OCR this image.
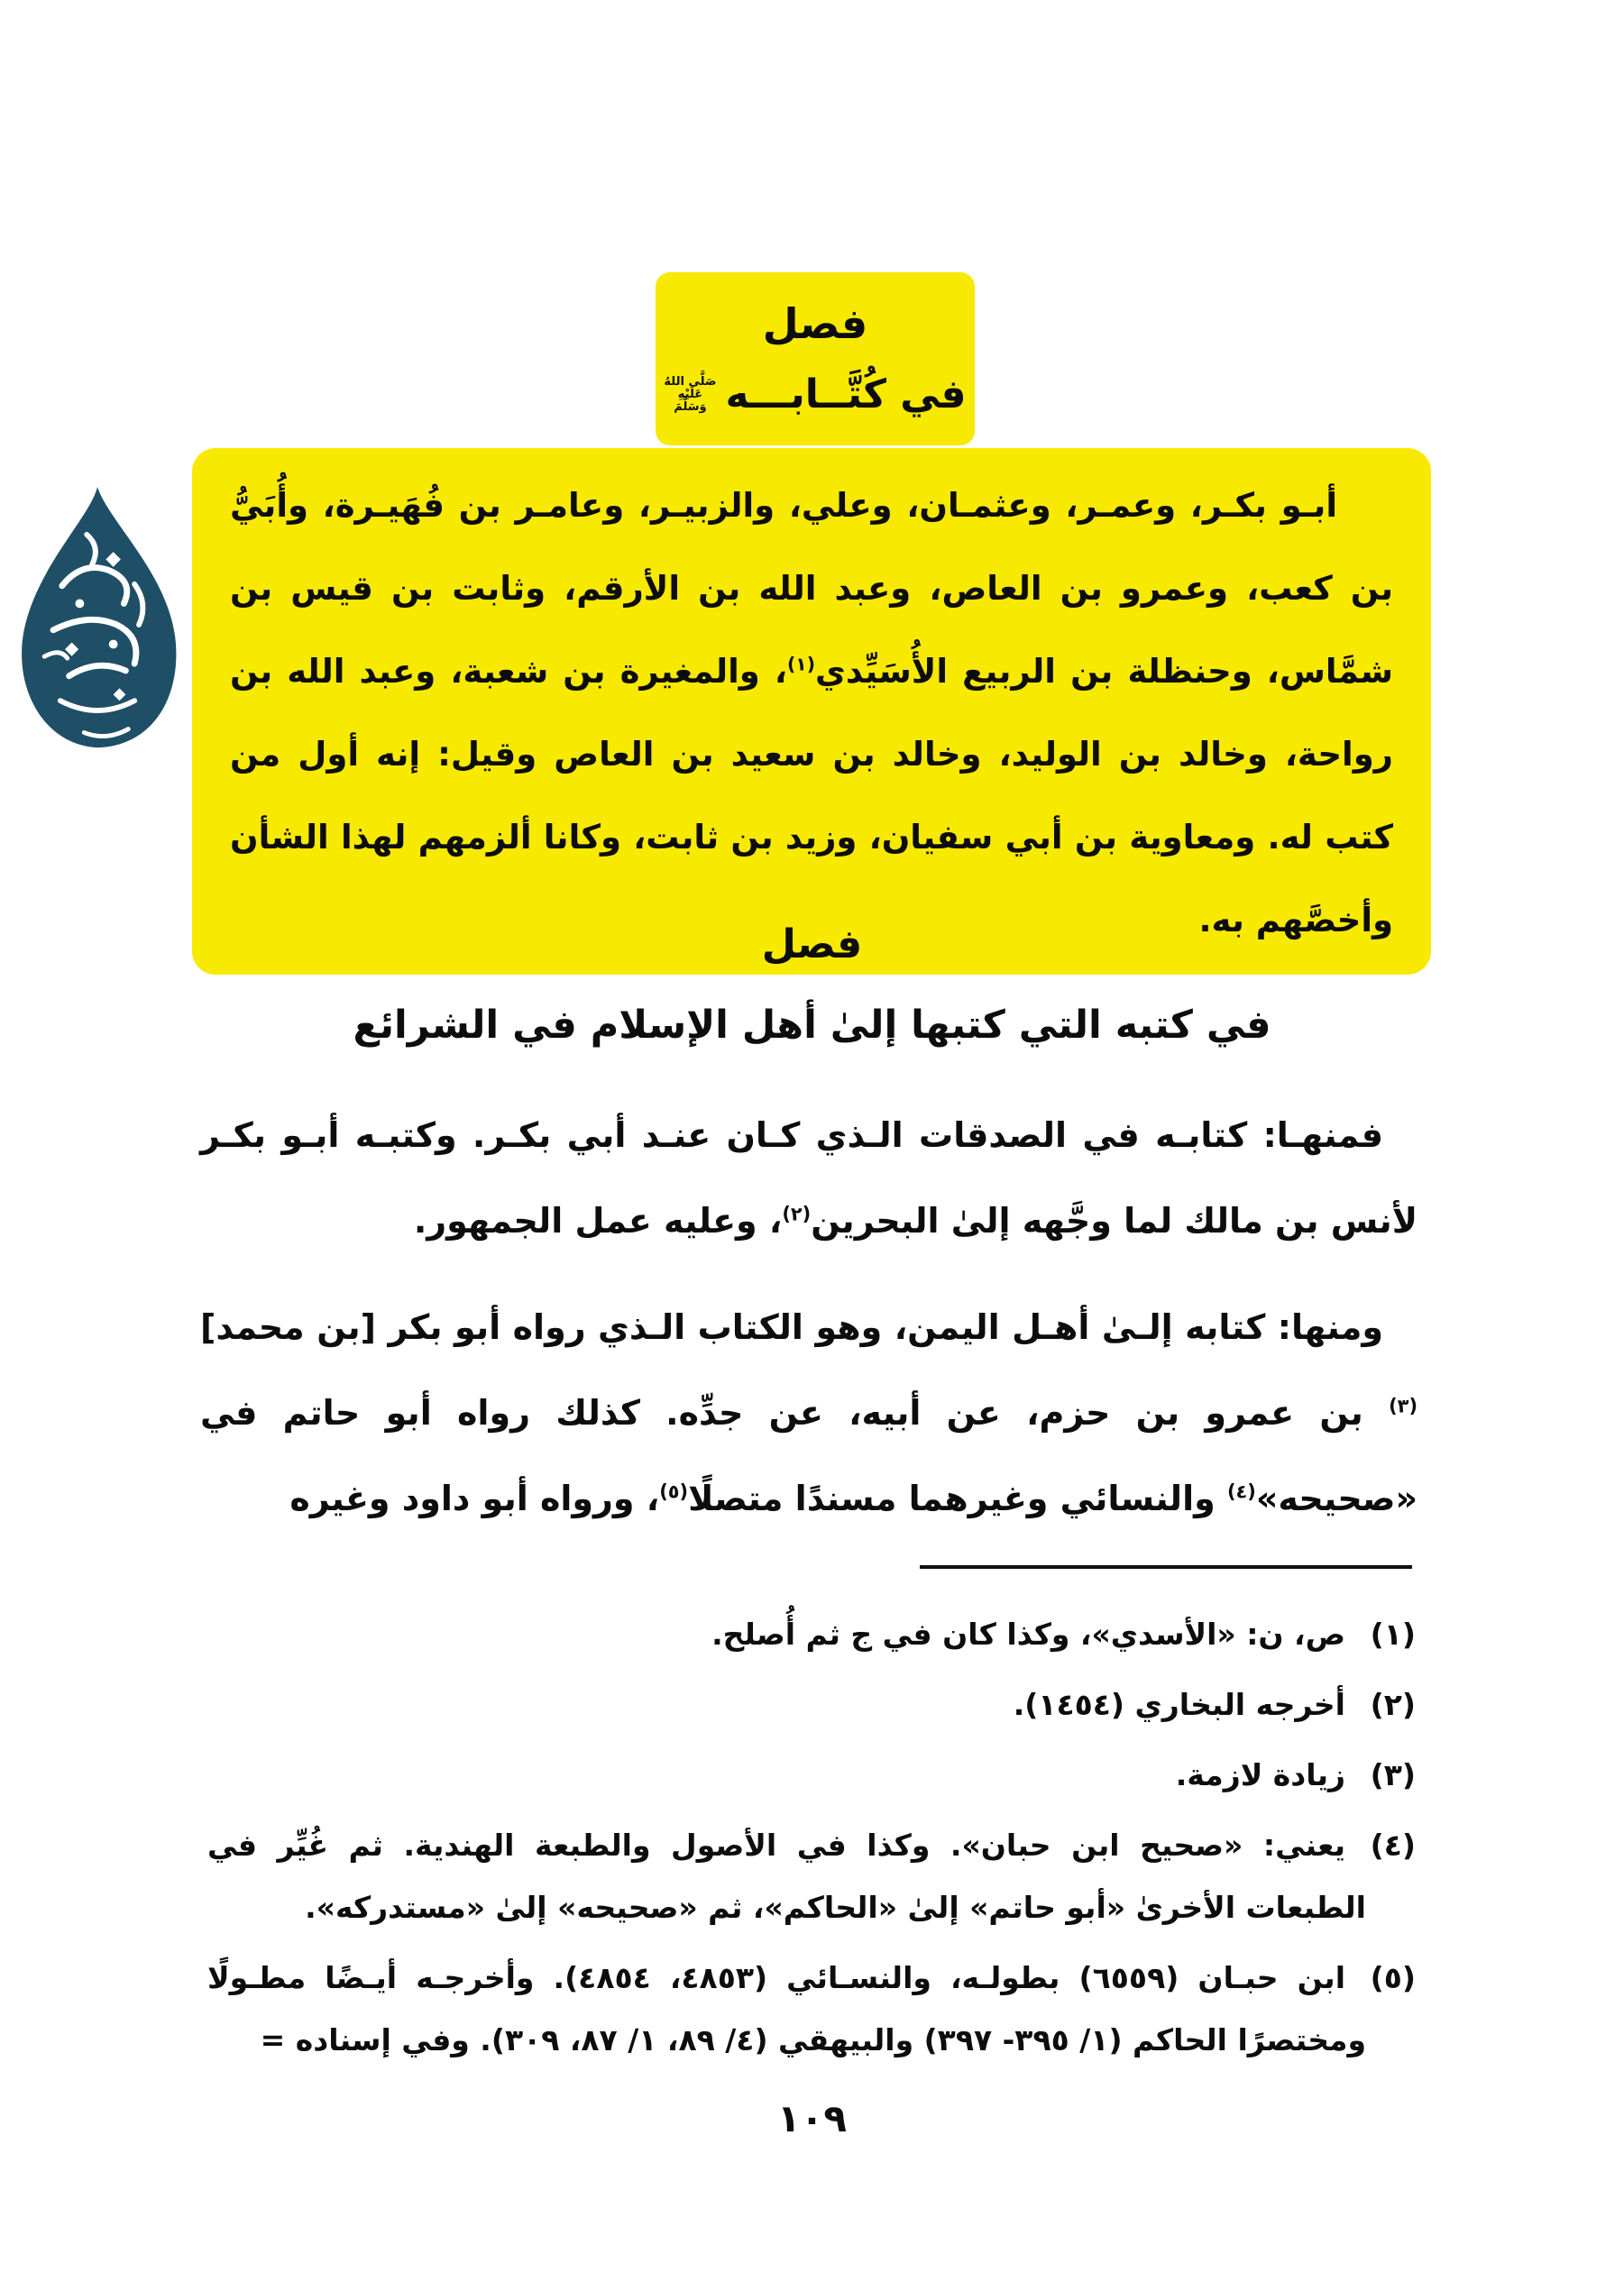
فصل
في كُتَّــابـــه
صَلَّى اللهُ
عَلَيْهِ
وَسَلَّمَ
أبـو بكـر، وعمـر، وعثمـان، وعلي، والزبيـر، وعامـر بن فُهَيـرة، وأُبَيُّ بن كعب، وعمرو بن العاص، وعبد الله بن الأرقم، وثابت بن قيس بن شمَّاس، وحنظلة بن الربيع الأُسَيِّدي$^{(١)}$، والمغيرة بن شعبة، وعبد الله بن رواحة، وخالد بن الوليد، وخالد بن سعيد بن العاص وقيل: إنه أول من كتب له. ومعاوية بن أبي سفيان، وزيد بن ثابت، وكانا ألزمهم لهذا الشأن وأخصَّهم به.
فصل
في كتبه التي كتبها إلىٰ أهل الإسلام في الشرائع
فمنهـا: كتابـه في الصدقات الـذي كـان عنـد أبي بكـر. وكتبـه أبـو بكـر لأنس بن مالك لما وجَّهه إلىٰ البحرين$^{(٢)}$، وعليه عمل الجمهور.
ومنها: كتابه إلـىٰ أهـل اليمن، وهو الكتاب الـذي رواه أبو بكر [بن محمد]$^{(٣)}$ بن عمرو بن حزم، عن أبيه، عن جدِّه. كذلك رواه أبو حاتم في «صحيحه»$^{(٤)}$ والنسائي وغيرهما مسندًا متصلًا$^{(٥)}$، ورواه أبو داود وغيره
(١)ص، ن: «الأسدي»، وكذا كان في ج ثم أُصلح.
(٢)أخرجه البخاري (١٤٥٤).
(٣)زيادة لازمة.
(٤)يعني: «صحيح ابن حبان». وكذا في الأصول والطبعة الهندية. ثم غُيِّر في الطبعات الأخرىٰ «أبو حاتم» إلىٰ «الحاكم»، ثم «صحيحه» إلىٰ «مستدركه».
(٥)ابن حبـان (٦٥٥٩) بطولـه، والنسـائي (٤٨٥٣، ٤٨٥٤). وأخرجـه أيـضًا مطـولًا ومختصرًا الحاكم (١/ ٣٩٥- ٣٩٧) والبيهقي (٤/ ٨٩، ١/ ٨٧، ٣٠٩). وفي إسناده =
١٠٩
